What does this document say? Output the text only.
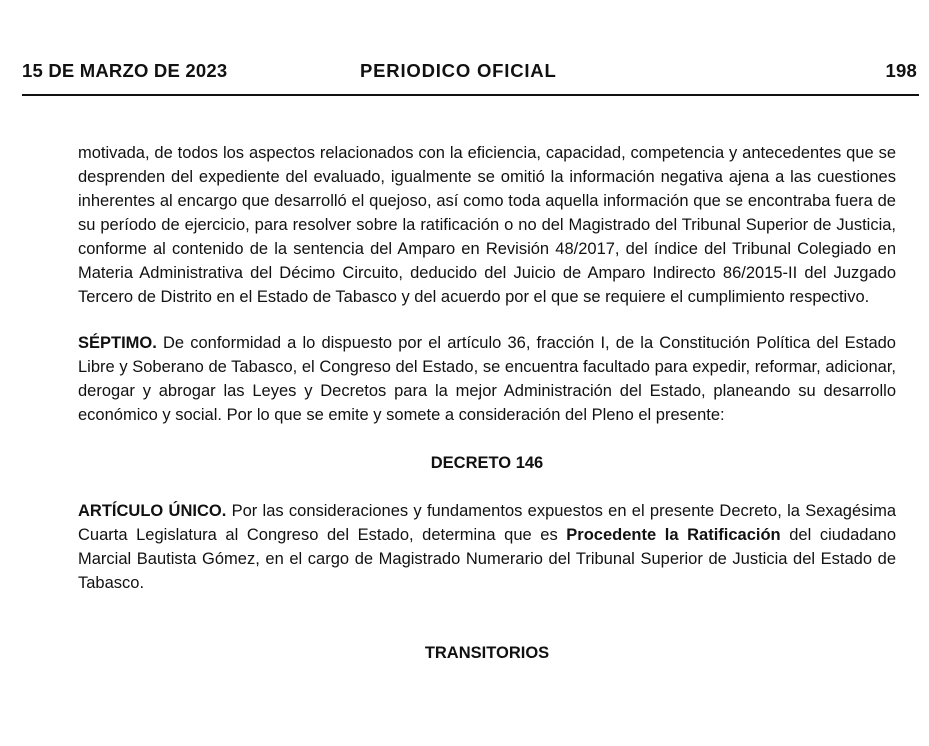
15 DE MARZO DE 2023	PERIODICO OFICIAL	198

motivada, de todos los aspectos relacionados con la eficiencia, capacidad, competencia y antecedentes que se desprenden del expediente del evaluado, igualmente se omitió la información negativa ajena a las cuestiones inherentes al encargo que desarrolló el quejoso, así como toda aquella información que se encontraba fuera de su período de ejercicio, para resolver sobre la ratificación o no del Magistrado del Tribunal Superior de Justicia, conforme al contenido de la sentencia del Amparo en Revisión 48/2017, del índice del Tribunal Colegiado en Materia Administrativa del Décimo Circuito, deducido del Juicio de Amparo Indirecto 86/2015-II del Juzgado Tercero de Distrito en el Estado de Tabasco y del acuerdo por el que se requiere el cumplimiento respectivo.

SÉPTIMO. De conformidad a lo dispuesto por el artículo 36, fracción I, de la Constitución Política del Estado Libre y Soberano de Tabasco, el Congreso del Estado, se encuentra facultado para expedir, reformar, adicionar, derogar y abrogar las Leyes y Decretos para la mejor Administración del Estado, planeando su desarrollo económico y social. Por lo que se emite y somete a consideración del Pleno el presente:

DECRETO 146

ARTÍCULO ÚNICO. Por las consideraciones y fundamentos expuestos en el presente Decreto, la Sexagésima Cuarta Legislatura al Congreso del Estado, determina que es Procedente la Ratificación del ciudadano Marcial Bautista Gómez, en el cargo de Magistrado Numerario del Tribunal Superior de Justicia del Estado de Tabasco.

TRANSITORIOS
